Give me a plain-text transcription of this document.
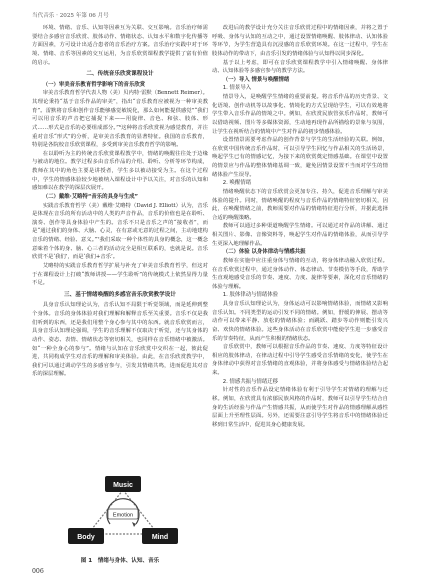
当代音乐 · 2025 年第 06 月号

环境、情绪、音乐、认知等因素互为关联、交互影响。音乐治疗师需要结合多感官音乐欣赏、肢体动作、情绪状态、认知水平和数字化传播等方面因素，方可设计出适合患者的音乐治疗方案。音乐治疗实践中对于环境、情绪、音乐等因素的交互运用，为音乐欣赏课程教学提供了富有价值的启示。

二、传统音乐欣赏课程设计

（一）审美音乐教育哲学影响下的音乐欣赏

审美音乐教育哲学代表人物（美）贝内特·雷默（Bennett Reimer）。其理论秉持“基于音乐作品的审美”，指出“音乐教育应被视为一种审美教育”。雷默将音乐和创作音乐能够感觉敏锐化，那么如何能提供感觉”“我们可以用音乐的声音把它捕捉下来——用旋律、音色、和弦、肢体、形式……形式是音乐的必要组成部分。”⁶这种将音乐欣赏视为感觉教育，并注重对音乐“形式”的分析，是审美音乐教育的显著特征。我国的音乐教育，特别是各院校音乐欣赏课程，多受到审美音乐教育哲学的影响。

在以聆听为主的传统音乐欣赏课程教学中，情绪的唤醒往往处于边缘与被动的地位。教学过程多由音乐作品的介绍、聆听、分析等环节构成，教师在其中的角色主要是讲授者，学生多以被动接受为主。在这个过程中，学生的情感体验较少地被纳入课程设计中予以关注，对音乐的认知和感知难以在教学的深层次展开。

（二）戴维·艾略特“音乐的具身与生成”

实践音乐教育哲学（美）戴维·艾略特（David J. Elliott）认为，音乐是体现在音乐的所有活动中的人类的声音作品，音乐的价值也是在聆听、演奏、创作等具身体验中产生的。音乐不只是音乐之声的“接收者”，而是“通过我们的身体、大脑、心灵，在有意或无意的过程之间，主动地建构音乐的情绪、经验、意义。”⁷我们采取一种个体性的具身的概念，这一概念意味着个体的身、脑、心三者的活动完全是相互联系的，也就是说。音乐欣赏不是‘我们’，而是‘我们+音乐’。

艾略特的实践音乐教育哲学扩展与补充了审美音乐教育哲学，但这对于在课程设计上打破“教师讲授——学生聆听”的传统模式上依然显得力量不足。

三、基于情绪唤醒的多感官音乐欣赏教学设计

具身音乐认知理论认为，音乐认知不局限于听觉领域，而是延伸到整个身体。音乐的身体体验对我们理解和解释音乐至关重要。音乐不仅是我们听到的东西，还是我们用整个身心参与其中的东西。就音乐欣赏而言，具身音乐认知理论强调，学生的音乐理解不仅取决于听觉，还与其身体的动作、姿态、表情、情绪状态等密切相关，也同样在音乐情绪中被激活。如“一种全身心的参与”。情绪与认知在音乐欣赏中交织在一起，彼此促进，共同构成学生对音乐的理解和审美体验。由此，在音乐欣赏教学中，我们可以通过调动学生的多感官参与，引发其情绪共鸣，进而促进其对音乐的深层理解。

改进后的教学设计充分关注音乐欣赏过程中的情绪因素，并将之置于呼吸、身体与认知的互动之中，通过设置情绪唤醒、肢体律动、认知体验等环节，为学生营造具有沉浸感的音乐欣赏环境。在这一过程中，学生在肢体动作的带动下，由音乐引发的情绪体验与认知得以同步深化。

基于以上考虑，即可在音乐欣赏课程教学中引入情绪唤醒、身体律动、认知体验等多感官参与的教学方法。

（一）导入 情景与唤醒情绪

1. 情景导入

情景导入，是唤醒学生情绪的重要前提。将音乐作品的历史背景、文化语境、创作动机等以故事化、情境化的方式呈现给学生，可以有效地将学生带入音乐作品的情境之中。例如，在欣赏民族管弦乐作品时，教师可以借助视频、图片等多媒体资源，生动地再现作品所描绘的景象与氛围，让学生在视听结合的情境中产生对作品的初步情感体验。

设置情景需要考虑作品的创作背景与学生的生活经验的关联。例如，在欣赏中国传统音乐作品时，可以引导学生回忆与作品相关的生活场景，唤起学生已有的情感记忆，为接下来的欣赏奠定情感基础。在课堂中设置的情景应与作品的整体情绪基调一致，避免因情景设置不当而对学生的情绪体验产生误导。

2. 唤醒情绪

情绪唤醒状态下的音乐欣赏会更加专注、持久，促进音乐理解与审美体验的提升。同时，情绪唤醒的程度与音乐作品的情绪特征密切相关，因此，在唤醒情绪之前，教师需要对作品的情绪特征进行分析，并据此选择合适的唤醒策略。

教师可以通过多种渠道唤醒学生情绪。可以通过对作品的讲解、通过相关图片、影像、音像资料等，唤起学生对作品的情绪体验，从而引导学生更深入地理解作品。

（二）体验 以身体律动与情感共振

教师在实施中应注重身体与情绪的互动，将身体律动融入欣赏过程。在音乐欣赏过程中，通过身体动作、体态律动、节奏模仿等手段，帮助学生直观地感受音乐的节奏、速度、力度、旋律等要素，深化对音乐情绪的体验与理解。

1. 肢体律动与情绪体验

具身音乐认知理论认为，身体运动可以影响情绪体验，而情绪又影响音乐认知。不同类型的运动引发不同的情绪。例如，舒缓的伸展、摆动等动作可以带来平静、放松的情绪体验；而跳跃、踏步等动作则能引发兴奋、欢快的情绪体验。这些身体活动在音乐欣赏中能使学生进一步感受音乐的节奏特征，从而产生积极的情绪状态。

音乐欣赏中，教师可以根据音乐作品的节奏、速度、力度等特征设计相应的肢体律动，在律动过程中引导学生感受音乐情绪的变化，使学生在身体律动中获得对音乐情绪的直观体验，并将身体感受与情绪体验结合起来。

2. 情感共振与情绪迁移

针对性的音乐作品设定情绪体验有利于引导学生对情绪的理解与迁移。例如，在欣赏具有浓郁民族风格的作品时，教师可以引导学生结合自身的生活经验与作品产生情感共振，从而使学生对作品的情感理解从感性层面上升至理性层面。另外，还需要注意引导学生将音乐中的情绪体验迁移到日常生活中，促进其身心健康发展。

Music
Body	Mind
Emotion
图 1　情绪与身体、认知、音乐
006
